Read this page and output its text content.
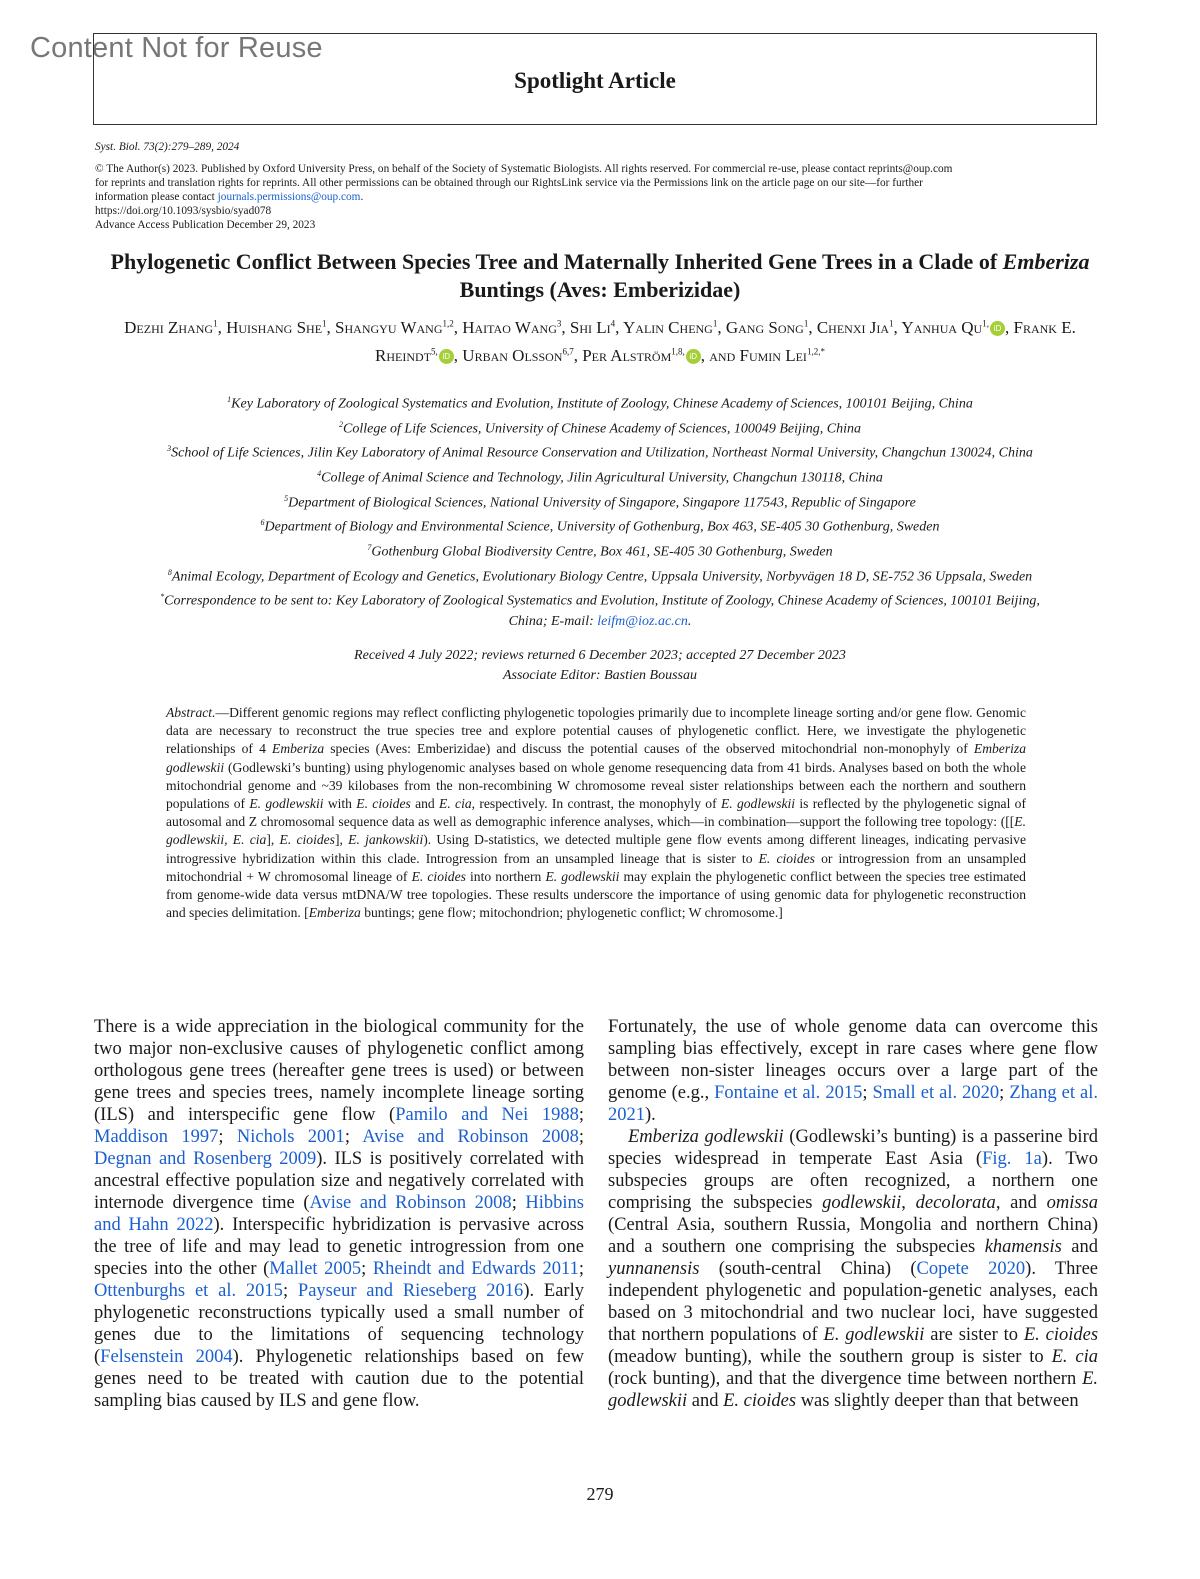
Content Not for Reuse
Spotlight Article
Syst. Biol. 73(2):279–289, 2024
© The Author(s) 2023. Published by Oxford University Press, on behalf of the Society of Systematic Biologists. All rights reserved. For commercial re-use, please contact reprints@oup.com
for reprints and translation rights for reprints. All other permissions can be obtained through our RightsLink service via the Permissions link on the article page on our site—for further
information please contact journals.permissions@oup.com.
https://doi.org/10.1093/sysbio/syad078
Advance Access Publication December 29, 2023
Phylogenetic Conflict Between Species Tree and Maternally Inherited Gene Trees in a Clade of Emberiza Buntings (Aves: Emberizidae)
Dezhi Zhang$^1$, Huishang She$^1$, Shangyu Wang$^{1,2}$, Haitao Wang$^3$, Shi Li$^4$, Yalin Cheng$^1$, Gang Song$^1$, Chenxi Jia$^1$, Yanhua $Qu^{1,}iD$ , Frank E. Rheindt$^{5,}$iD , Urban Olsson$^{6,7}$, Per Alström$^{1,8,}$iD , and Fumin Lei$^{1,2,*}$
$^1$Key Laboratory of Zoological Systematics and Evolution, Institute of Zoology, Chinese Academy of Sciences, 100101 Beijing, China
$^2$College of Life Sciences, University of Chinese Academy of Sciences, 100049 Beijing, China
$^3$School of Life Sciences, Jilin Key Laboratory of Animal Resource Conservation and Utilization, Northeast Normal University, Changchun 130024, China
$^4$College of Animal Science and Technology, Jilin Agricultural University, Changchun 130118, China
$^5$Department of Biological Sciences, National University of Singapore, Singapore 117543, Republic of Singapore
$^6$Department of Biology and Environmental Science, University of Gothenburg, Box 463, SE-405 30 Gothenburg, Sweden
$^7$Gothenburg Global Biodiversity Centre, Box 461, SE-405 30 Gothenburg, Sweden
$^8$Animal Ecology, Department of Ecology and Genetics, Evolutionary Biology Centre, Uppsala University, Norbyvägen 18 D, SE-752 36 Uppsala, Sweden
*Correspondence to be sent to: Key Laboratory of Zoological Systematics and Evolution, Institute of Zoology, Chinese Academy of Sciences, 100101 Beijing, China; E-mail: leifm@ioz.ac.cn.
Received 4 July 2022; reviews returned 6 December 2023; accepted 27 December 2023
Associate Editor: Bastien Boussau
Abstract.—Different genomic regions may reflect conflicting phylogenetic topologies primarily due to incomplete lineage sorting and/or gene flow. Genomic data are necessary to reconstruct the true species tree and explore potential causes of phylogenetic conflict. Here, we investigate the phylogenetic relationships of 4 Emberiza species (Aves: Emberizidae) and discuss the potential causes of the observed mitochondrial non-monophyly of Emberiza godlewskii (Godlewski’s bunting) using phylogenomic analyses based on whole genome resequencing data from 41 birds. Analyses based on both the whole mitochondrial genome and ~39 kilobases from the non-recombining W chromosome reveal sister relationships between each the northern and southern populations of E. godlewskii with E. cioides and E. cia, respectively. In contrast, the monophyly of E. godlewskii is reflected by the phylogenetic signal of autosomal and Z chromosomal sequence data as well as demographic inference analyses, which—in combination—support the following tree topology: ([[E. godlewskii, E. cia], E. cioides], E. jankowskii). Using D-statistics, we detected multiple gene flow events among different lineages, indicating pervasive introgressive hybridization within this clade. Introgression from an unsampled lineage that is sister to E. cioides or introgression from an unsampled mitochondrial + W chromosomal lineage of E. cioides into northern E. godlewskii may explain the phylogenetic conflict between the species tree estimated from genome-wide data versus mtDNA/W tree topologies. These results underscore the importance of using genomic data for phylogenetic reconstruction and species delimitation. [Emberiza buntings; gene flow; mitochondrion; phylogenetic conflict; W chromosome.]

There is a wide appreciation in the biological community for the two major non-exclusive causes of phylogenetic conflict among orthologous gene trees (hereafter gene trees is used) or between gene trees and species trees, namely incomplete lineage sorting (ILS) and interspecific gene flow (Pamilo and Nei 1988; Maddison 1997; Nichols 2001; Avise and Robinson 2008; Degnan and Rosenberg 2009). ILS is positively correlated with ancestral effective population size and negatively correlated with internode divergence time (Avise and Robinson 2008; Hibbins and Hahn 2022). Interspecific hybridization is pervasive across the tree of life and may lead to genetic introgression from one species into the other (Mallet 2005; Rheindt and Edwards 2011; Ottenburghs et al. 2015; Payseur and Rieseberg 2016). Early phylogenetic reconstructions typically used a small number of genes due to the limitations of sequencing technology (Felsenstein 2004). Phylogenetic relationships based on few genes need to be treated with caution due to the potential sampling bias caused by ILS and gene flow.

Fortunately, the use of whole genome data can overcome this sampling bias effectively, except in rare cases where gene flow between non-sister lineages occurs over a large part of the genome (e.g., Fontaine et al. 2015; Small et al. 2020; Zhang et al. 2021).

Emberiza godlewskii (Godlewski’s bunting) is a passerine bird species widespread in temperate East Asia (Fig. 1a). Two subspecies groups are often recognized, a northern one comprising the subspecies godlewskii, decolorata, and omissa (Central Asia, southern Russia, Mongolia and northern China) and a southern one comprising the subspecies khamensis and yunnanensis (south-central China) (Copete 2020). Three independent phylogenetic and population-genetic analyses, each based on 3 mitochondrial and two nuclear loci, have suggested that northern populations of E. godlewskii are sister to E. cioides (meadow bunting), while the southern group is sister to E. cia (rock bunting), and that the divergence time between northern E. godlewskii and E. cioides was slightly deeper than that between

279
